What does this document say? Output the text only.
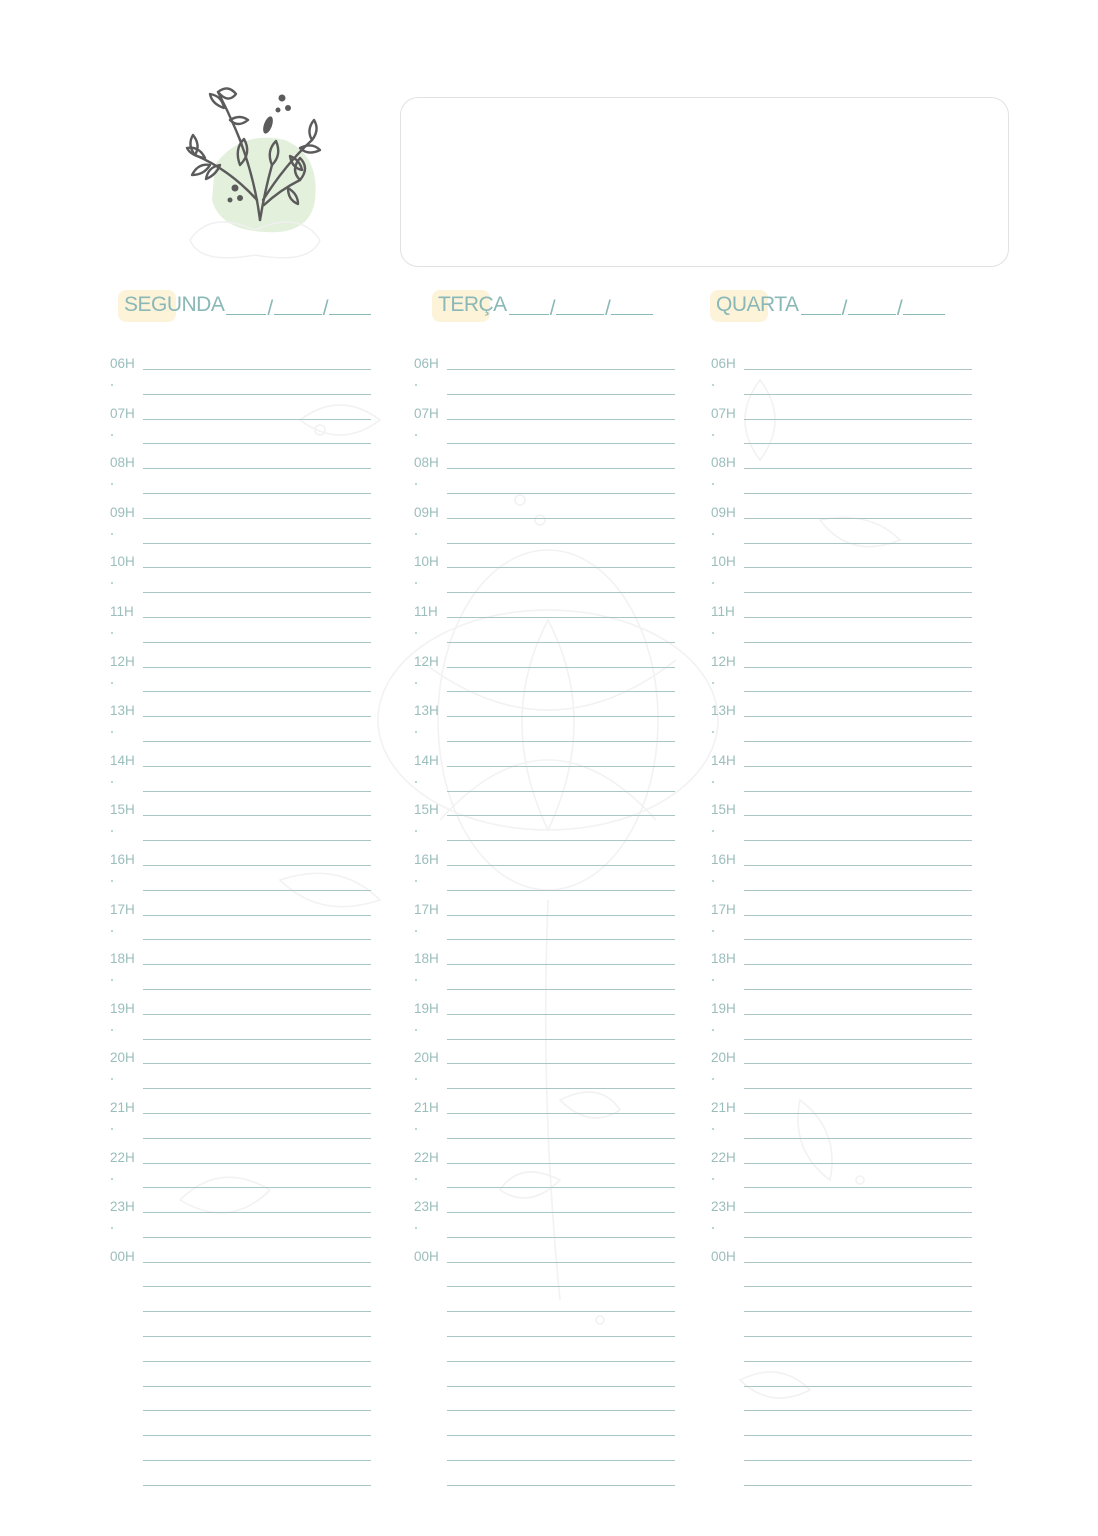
SEGUNDA / /	TERÇA / /	QUARTA / /
06H
07H
08H
09H
10H
11H
12H
13H
14H
15H
16H
17H
18H
19H
20H
21H
22H
23H
00H
06H
07H
08H
09H
10H
11H
12H
13H
14H
15H
16H
17H
18H
19H
20H
21H
22H
23H
00H
06H
07H
08H
09H
10H
11H
12H
13H
14H
15H
16H
17H
18H
19H
20H
21H
22H
23H
00H
